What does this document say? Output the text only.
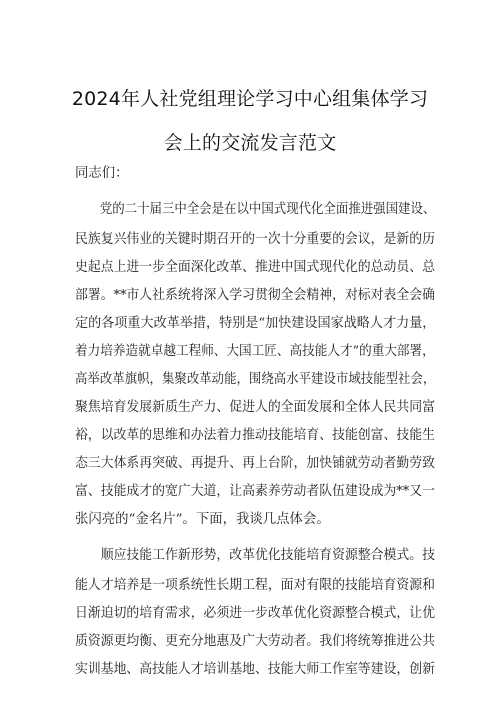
2024年人社党组理论学习中心组集体学习
会上的交流发言范文
同志们：
　　党的二十届三中全会是在以中国式现代化全面推进强国建设、
民族复兴伟业的关键时期召开的一次十分重要的会议，是新的历
史起点上进一步全面深化改革、推进中国式现代化的总动员、总
部署。**市人社系统将深入学习贯彻全会精神，对标对表全会确
定的各项重大改革举措，特别是“加快建设国家战略人才力量，
着力培养造就卓越工程师、大国工匠、高技能人才”的重大部署，
高举改革旗帜，集聚改革动能，围绕高水平建设市域技能型社会，
聚焦培育发展新质生产力、促进人的全面发展和全体人民共同富
裕，以改革的思维和办法着力推动技能培育、技能创富、技能生
态三大体系再突破、再提升、再上台阶，加快铺就劳动者勤劳致
富、技能成才的宽广大道，让高素养劳动者队伍建设成为**又一
张闪亮的“金名片”。下面，我谈几点体会。
　　顺应技能工作新形势，改革优化技能培育资源整合模式。技
能人才培养是一项系统性长期工程，面对有限的技能培育资源和
日渐迫切的培育需求，必须进一步改革优化资源整合模式，让优
质资源更均衡、更充分地惠及广大劳动者。我们将统筹推进公共
实训基地、高技能人才培训基地、技能大师工作室等建设，创新
